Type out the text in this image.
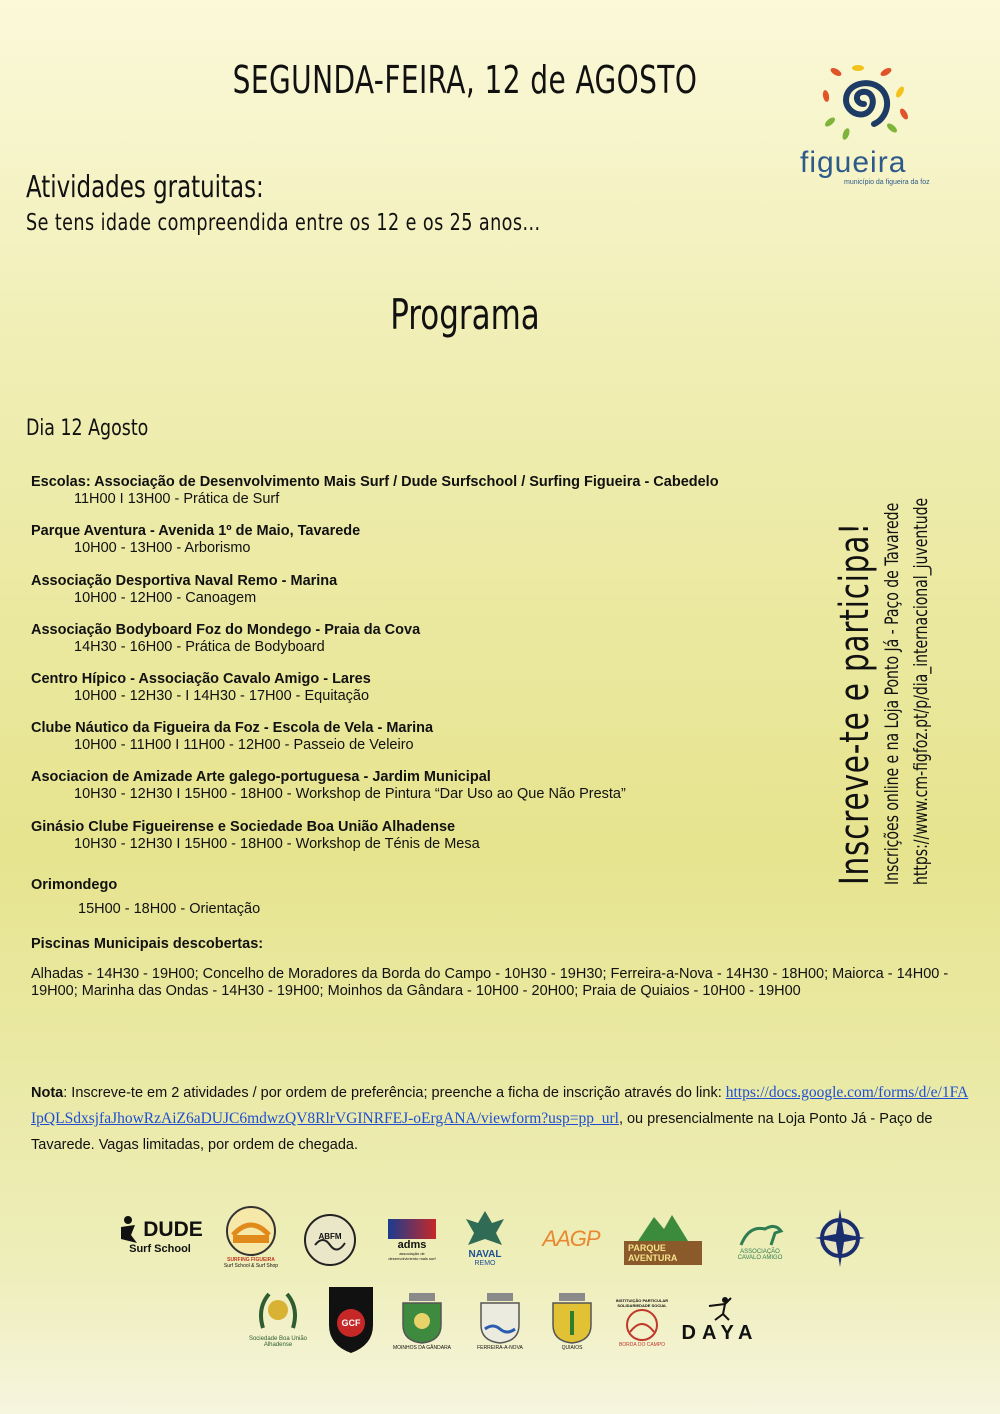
SEGUNDA-FEIRA, 12 de AGOSTO
figueira
município da figueira da foz
Atividades gratuitas:
Se tens idade compreendida entre os 12 e os 25 anos...
Programa
Dia 12 Agosto
Escolas: Associação de Desenvolvimento Mais Surf / Dude Surfschool / Surfing Figueira - Cabedelo
11H00 I 13H00 - Prática de Surf
Parque Aventura - Avenida 1º de Maio, Tavarede
10H00 - 13H00 - Arborismo
Associação Desportiva Naval Remo - Marina
10H00 - 12H00 - Canoagem
Associação Bodyboard Foz do Mondego - Praia da Cova
14H30 - 16H00 - Prática de Bodyboard
Centro Hípico - Associação Cavalo Amigo - Lares
10H00 - 12H30 - I 14H30 - 17H00 - Equitação
Clube Náutico da Figueira da Foz - Escola de Vela - Marina
10H00 - 11H00 I 11H00 - 12H00 - Passeio de Veleiro
Asociacion de Amizade Arte galego-portuguesa - Jardim Municipal
10H30 - 12H30 I 15H00 - 18H00 - Workshop de Pintura “Dar Uso ao Que Não Presta”
Ginásio Clube Figueirense e Sociedade Boa União Alhadense
10H30 - 12H30 I 15H00 - 18H00 - Workshop de Ténis de Mesa
Orimondego
15H00 - 18H00 - Orientação
Piscinas Municipais descobertas:
Alhadas - 14H30 - 19H00; Concelho de Moradores da Borda do Campo - 10H30 - 19H30; Ferreira-a-Nova - 14H30 - 18H00; Maiorca - 14H00 - 19H00; Marinha das Ondas - 14H30 - 19H00; Moinhos da Gândara - 10H00 - 20H00; Praia de Quiaios - 10H00 - 19H00
Nota: Inscreve-te em 2 atividades / por ordem de preferência; preenche a ficha de inscrição através do link: https://docs.google.com/forms/d/e/1FAIpQLSdxsjfaJhowRzAiZ6aDUJC6mdwzQV8RlrVGINRFEJ-oErgANA/viewform?usp=pp_url, ou presencialmente na Loja Ponto Já - Paço de Tavarede. Vagas limitadas, por ordem de chegada.
Inscreve-te e participa! Inscrições online e na Loja Ponto Já - Paço de Tavarede https://www.cm-figfoz.pt/p/dia_internacional_juventude
DUDE
Surf School
SURFING FIGUEIRA
Surf School & Surf Shop
ABFM
adms
associação de desenvolvimento mais surf	NAVAL
REMO
AAGP	PARQUE AVENTURA
ASSOCIAÇÃO CAVALO AMIGO
Sociedade Boa União Alhadense
GCF
MOINHOS DA GÂNDARA	FERREIRA-A-NOVA	QUIAIOS
INSTITUIÇÃO PARTICULAR SOLIDARIEDADE SOCIAL
BORDA DO CAMPO
DAYA
